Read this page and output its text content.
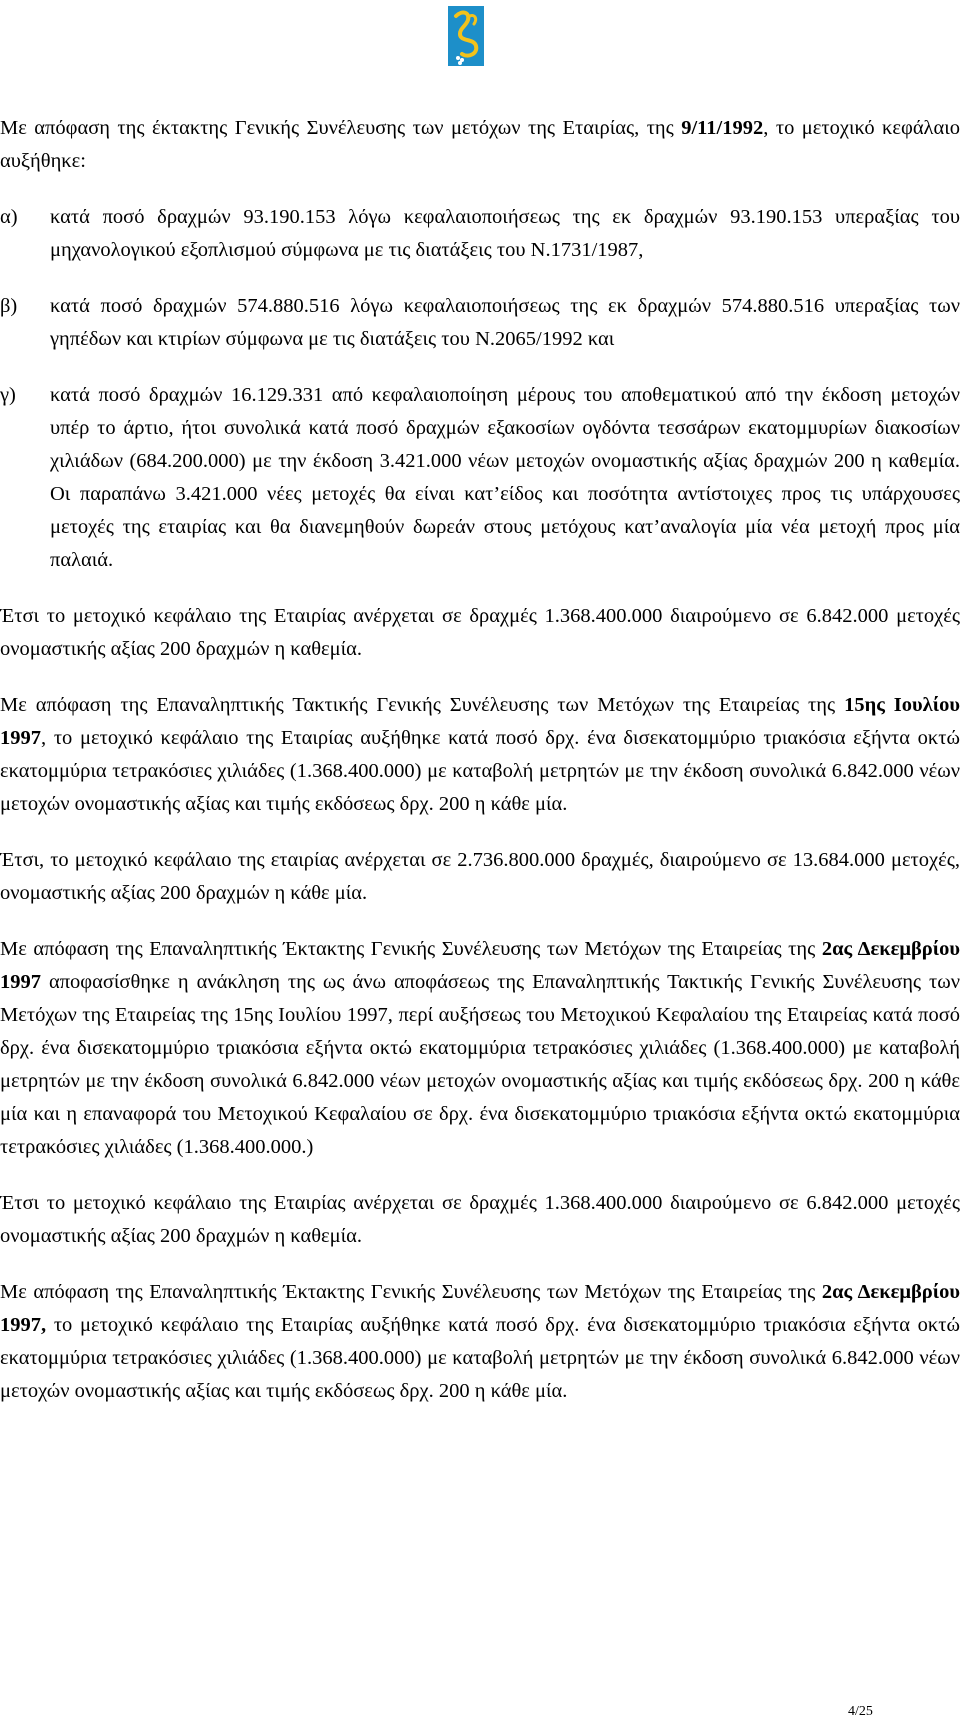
Με απόφαση της έκτακτης Γενικής Συνέλευσης των μετόχων της Εταιρίας, της 9/11/1992, το μετοχικό κεφάλαιο αυξήθηκε:

α)	κατά ποσό δραχμών 93.190.153 λόγω κεφαλαιοποιήσεως της εκ δραχμών 93.190.153 υπεραξίας του μηχανολογικού εξοπλισμού σύμφωνα με τις διατάξεις του Ν.1731/1987,
β)	κατά ποσό δραχμών 574.880.516 λόγω κεφαλαιοποιήσεως της εκ δραχμών 574.880.516 υπεραξίας των γηπέδων και κτιρίων σύμφωνα με τις διατάξεις του Ν.2065/1992 και
γ)	κατά ποσό δραχμών 16.129.331 από κεφαλαιοποίηση μέρους του αποθεματικού από την έκδοση μετοχών υπέρ το άρτιο, ήτοι συνολικά κατά ποσό δραχμών εξακοσίων ογδόντα τεσσάρων εκατομμυρίων διακοσίων χιλιάδων (684.200.000) με την έκδοση 3.421.000 νέων μετοχών ονομαστικής αξίας δραχμών 200 η καθεμία. Οι παραπάνω 3.421.000 νέες μετοχές θα είναι κατ’είδος και ποσότητα αντίστοιχες προς τις υπάρχουσες μετοχές της εταιρίας και θα διανεμηθούν δωρεάν στους μετόχους κατ’αναλογία μία νέα μετοχή προς μία παλαιά.

Έτσι το μετοχικό κεφάλαιο της Εταιρίας ανέρχεται σε δραχμές 1.368.400.000 διαιρούμενο σε 6.842.000 μετοχές ονομαστικής αξίας 200 δραχμών η καθεμία.

Με απόφαση της Επαναληπτικής Τακτικής Γενικής Συνέλευσης των Μετόχων της Εταιρείας της 15ης Ιουλίου 1997, το μετοχικό κεφάλαιο της Εταιρίας αυξήθηκε κατά ποσό δρχ. ένα δισεκατομμύριο τριακόσια εξήντα οκτώ εκατομμύρια τετρακόσιες χιλιάδες (1.368.400.000) με καταβολή μετρητών με την έκδοση συνολικά 6.842.000 νέων μετοχών ονομαστικής αξίας και τιμής εκδόσεως δρχ. 200 η κάθε μία.

Έτσι, το μετοχικό κεφάλαιο της εταιρίας ανέρχεται σε 2.736.800.000 δραχμές, διαιρούμενο σε 13.684.000 μετοχές, ονομαστικής αξίας 200 δραχμών η κάθε μία.

Με απόφαση της Επαναληπτικής Έκτακτης Γενικής Συνέλευσης των Μετόχων της Εταιρείας της 2ας Δεκεμβρίου 1997 αποφασίσθηκε η ανάκληση της ως άνω αποφάσεως της Επαναληπτικής Τακτικής Γενικής Συνέλευσης των Μετόχων της Εταιρείας της 15ης Ιουλίου 1997, περί αυξήσεως του Μετοχικού Κεφαλαίου της Εταιρείας κατά ποσό δρχ. ένα δισεκατομμύριο τριακόσια εξήντα οκτώ εκατομμύρια τετρακόσιες χιλιάδες (1.368.400.000) με καταβολή μετρητών με την έκδοση συνολικά 6.842.000 νέων μετοχών ονομαστικής αξίας και τιμής εκδόσεως δρχ. 200 η κάθε μία και η επαναφορά του Μετοχικού Κεφαλαίου σε δρχ. ένα δισεκατομμύριο τριακόσια εξήντα οκτώ εκατομμύρια τετρακόσιες χιλιάδες (1.368.400.000.)

Έτσι το μετοχικό κεφάλαιο της Εταιρίας ανέρχεται σε δραχμές 1.368.400.000 διαιρούμενο σε 6.842.000 μετοχές ονομαστικής αξίας 200 δραχμών η καθεμία.

Με απόφαση της Επαναληπτικής Έκτακτης Γενικής Συνέλευσης των Μετόχων της Εταιρείας της 2ας Δεκεμβρίου 1997, το μετοχικό κεφάλαιο της Εταιρίας αυξήθηκε κατά ποσό δρχ. ένα δισεκατομμύριο τριακόσια εξήντα οκτώ εκατομμύρια τετρακόσιες χιλιάδες (1.368.400.000) με καταβολή μετρητών με την έκδοση συνολικά 6.842.000 νέων μετοχών ονομαστικής αξίας και τιμής εκδόσεως δρχ. 200 η κάθε μία.

4/25
